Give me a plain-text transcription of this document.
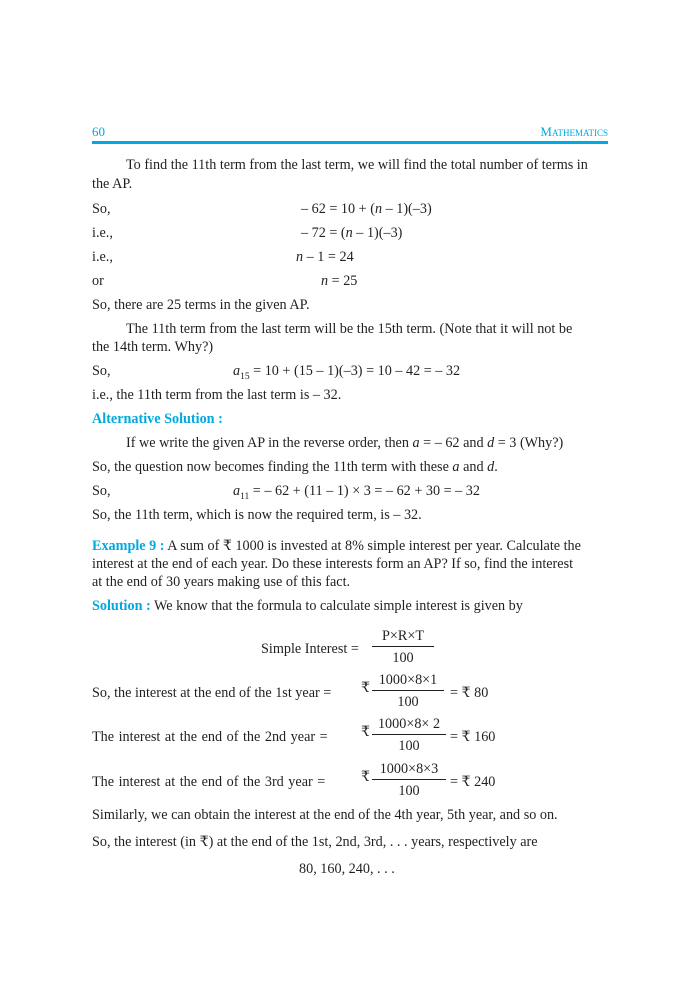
60	Mathematics
To find the 11th term from the last term, we will find the total number of terms in
the AP.
So,	– 62 = 10 + (n – 1)(–3)
i.e.,	– 72 = (n – 1)(–3)
i.e.,	n – 1 = 24
or	n = 25
So, there are 25 terms in the given AP.
The 11th term from the last term will be the 15th term. (Note that it will not be
the 14th term. Why?)
So,	$a_{15} = 10 + (15 - 1)(-3) = 10 - 42$ = – 32
i.e., the 11th term from the last term is – 32.
Alternative Solution :
If we write the given AP in the reverse order, then a = – 62 and d = 3 (Why?)
So, the question now becomes finding the 11th term with these a and d.
So,	$a_{11}$ = – 62 + (11 – 1) × 3 = – 62 + 30 = – 32
So, the 11th term, which is now the required term, is – 32.
Example 9 : A sum of ₹ 1000 is invested at 8% simple interest per year. Calculate the
interest at the end of each year. Do these interests form an AP? If so, find the interest
at the end of 30 years making use of this fact.
Solution : We know that the formula to calculate simple interest is given by
Simple Interest =
P×R×T
100
So, the interest at the end of the 1st year = ₹ 1000×8×1
100
= ₹ 80
The interest at the end of the 2nd year = ₹ 1000×8× 2
100
= ₹ 160
The interest at the end of the 3rd year =	₹ 1000×8×3
100
= ₹ 240
Similarly, we can obtain the interest at the end of the 4th year, 5th year, and so on.
So, the interest (in ₹) at the end of the 1st, 2nd, 3rd, . . . years, respectively are
80, 160, 240, . . .
